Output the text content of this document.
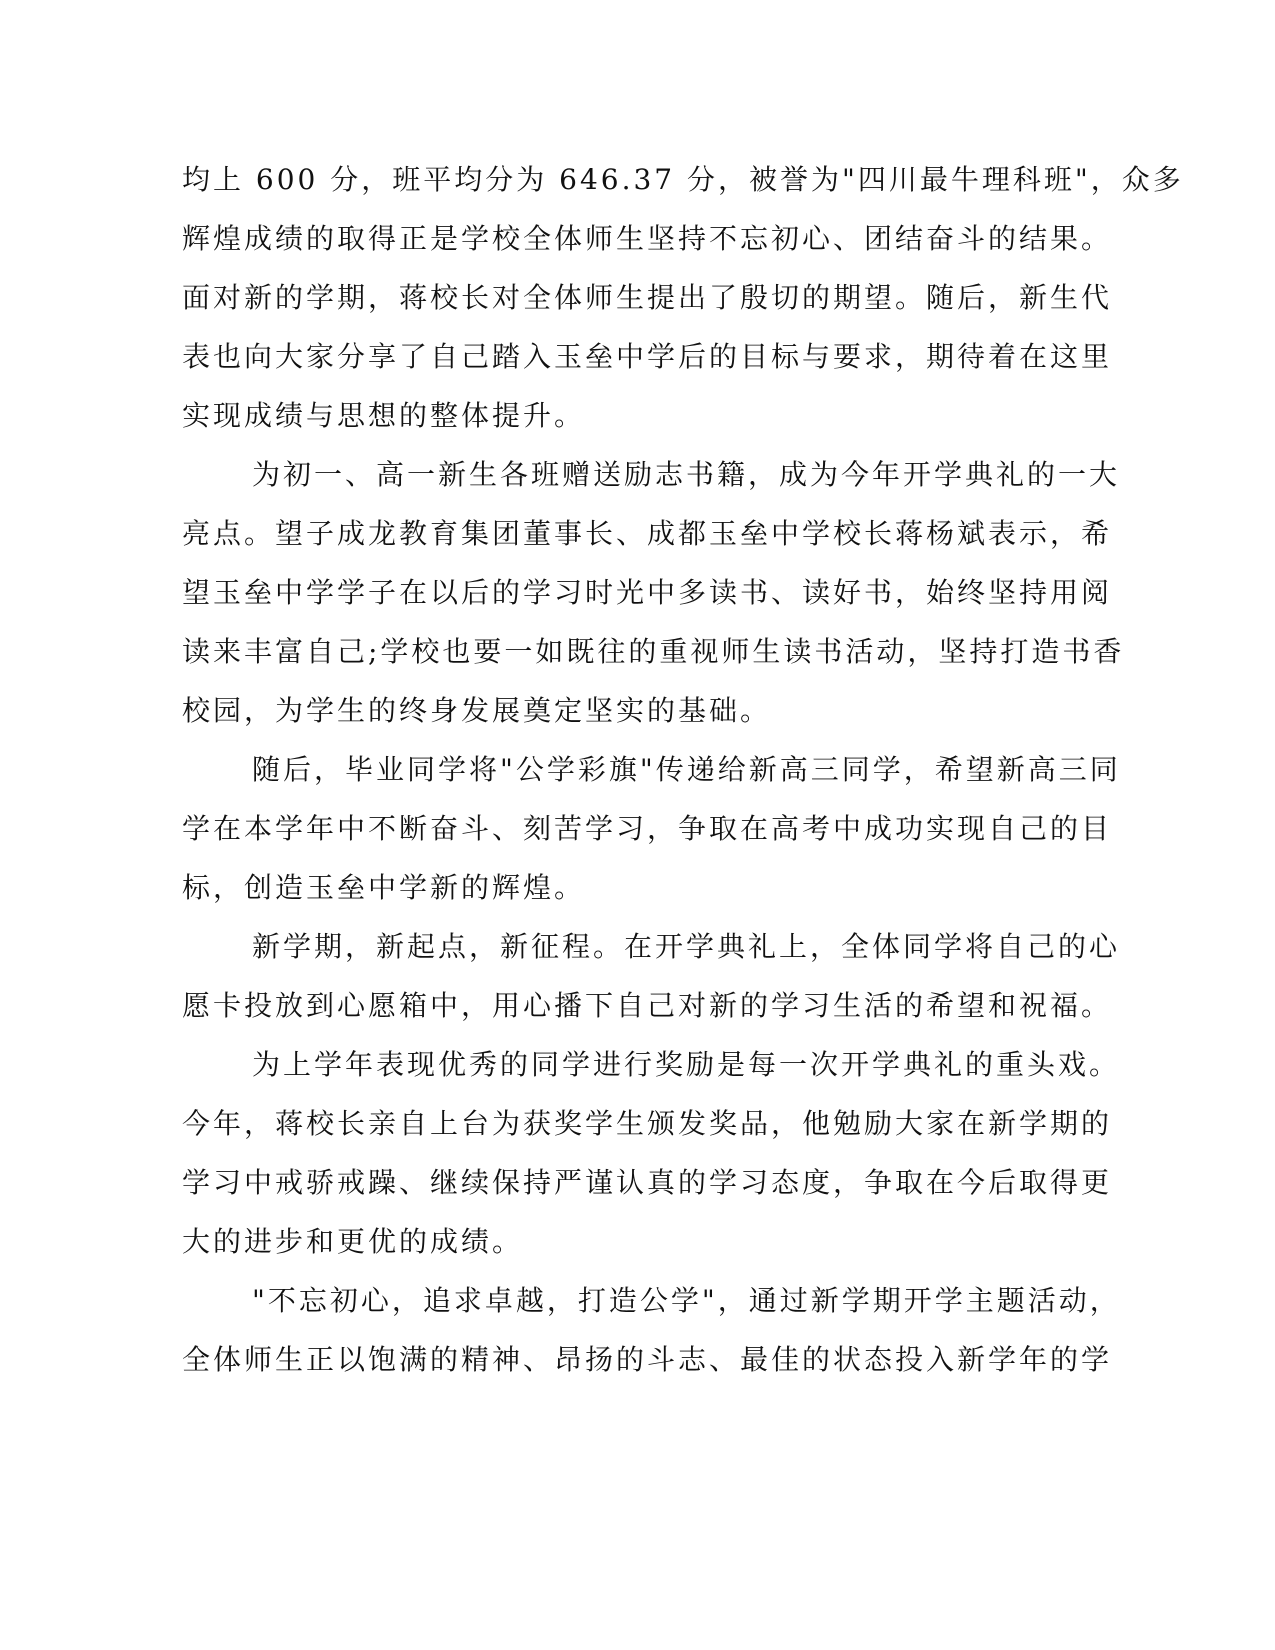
均上 600 分，班平均分为 646.37 分，被誉为"四川最牛理科班"，众多
辉煌成绩的取得正是学校全体师生坚持不忘初心、团结奋斗的结果。
面对新的学期，蒋校长对全体师生提出了殷切的期望。随后，新生代
表也向大家分享了自己踏入玉垒中学后的目标与要求，期待着在这里
实现成绩与思想的整体提升。
为初一、高一新生各班赠送励志书籍，成为今年开学典礼的一大
亮点。望子成龙教育集团董事长、成都玉垒中学校长蒋杨斌表示，希
望玉垒中学学子在以后的学习时光中多读书、读好书，始终坚持用阅
读来丰富自己;学校也要一如既往的重视师生读书活动，坚持打造书香
校园，为学生的终身发展奠定坚实的基础。
随后，毕业同学将"公学彩旗"传递给新高三同学，希望新高三同
学在本学年中不断奋斗、刻苦学习，争取在高考中成功实现自己的目
标，创造玉垒中学新的辉煌。
新学期，新起点，新征程。在开学典礼上，全体同学将自己的心
愿卡投放到心愿箱中，用心播下自己对新的学习生活的希望和祝福。
为上学年表现优秀的同学进行奖励是每一次开学典礼的重头戏。
今年，蒋校长亲自上台为获奖学生颁发奖品，他勉励大家在新学期的
学习中戒骄戒躁、继续保持严谨认真的学习态度，争取在今后取得更
大的进步和更优的成绩。
"不忘初心，追求卓越，打造公学"，通过新学期开学主题活动，
全体师生正以饱满的精神、昂扬的斗志、最佳的状态投入新学年的学
